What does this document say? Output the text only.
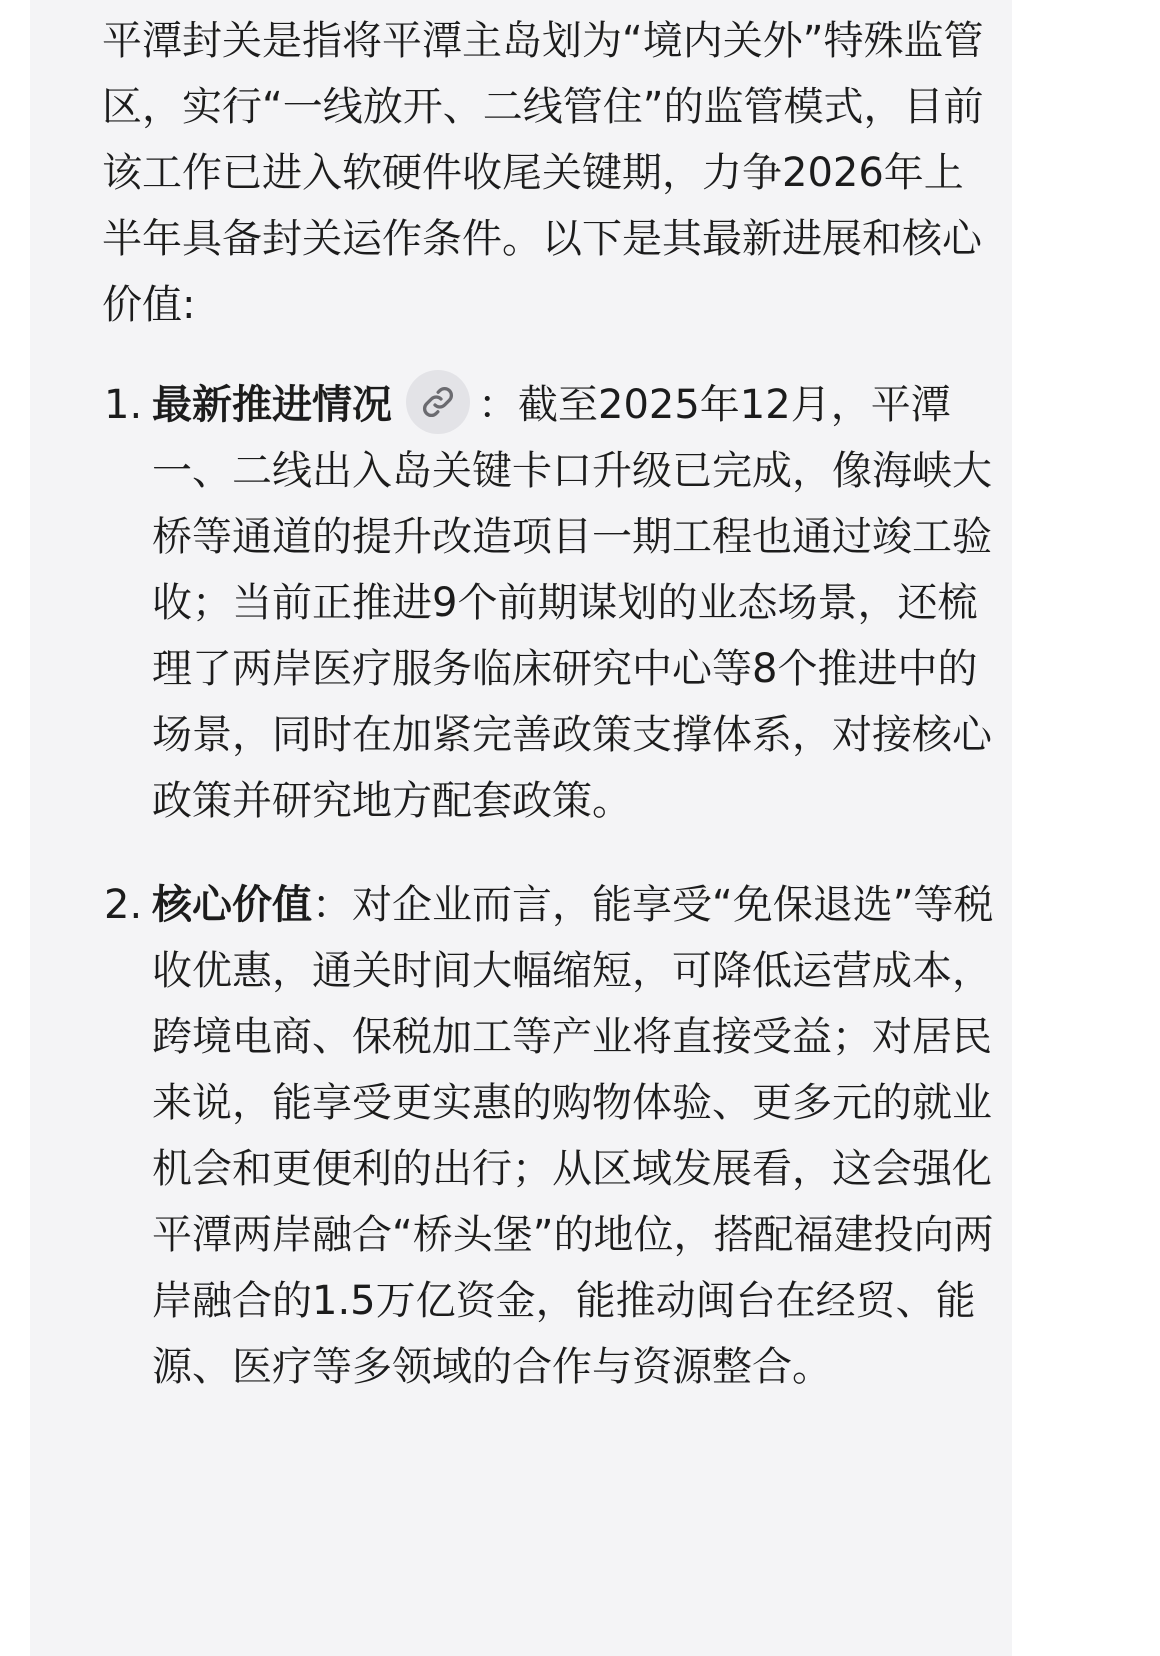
平潭封关是指将平潭主岛划为“境内关外”特殊监管区，实行“一线放开、二线管住”的监管模式，目前该工作已进入软硬件收尾关键期，力争2026年上半年具备封关运作条件。以下是其最新进展和核心价值:

1. 最新推进情况 ：截至2025年12月，平潭一、二线出入岛关键卡口升级已完成，像海峡大桥等通道的提升改造项目一期工程也通过竣工验收；当前正推进9个前期谋划的业态场景，还梳理了两岸医疗服务临床研究中心等8个推进中的场景，同时在加紧完善政策支撑体系，对接核心政策并研究地方配套政策。
2. 核心价值：对企业而言，能享受“免保退选”等税收优惠，通关时间大幅缩短，可降低运营成本，跨境电商、保税加工等产业将直接受益；对居民来说，能享受更实惠的购物体验、更多元的就业机会和更便利的出行；从区域发展看，这会强化平潭两岸融合“桥头堡”的地位，搭配福建投向两岸融合的1.5万亿资金，能推动闽台在经贸、能源、医疗等多领域的合作与资源整合。
